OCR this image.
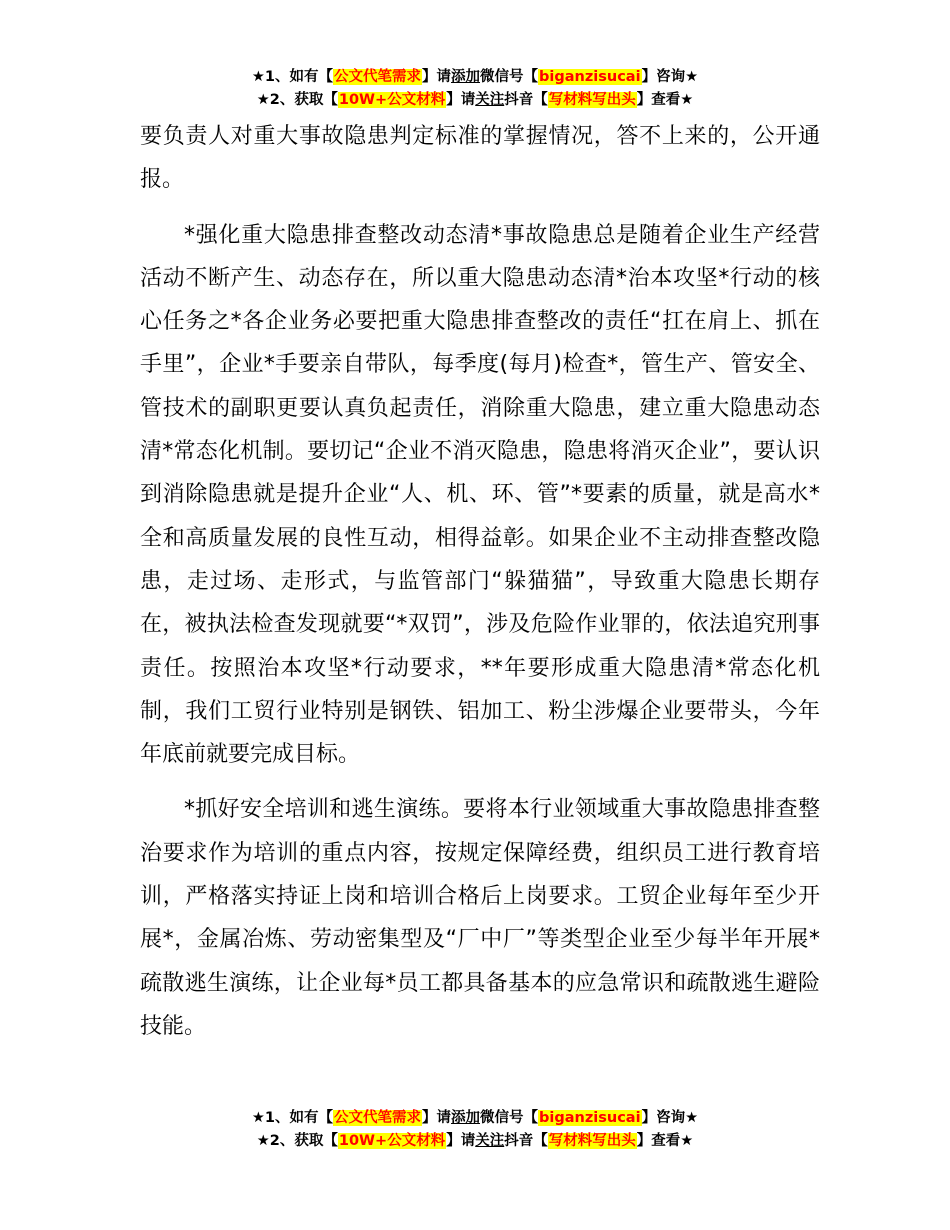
★1、如有【公文代笔需求】请添加微信号【biganzisucai】咨询★
★2、获取【10W+公文材料】请关注抖音【写材料写出头】查看★

要负责人对重大事故隐患判定标准的掌握情况，答不上来的，公开通报。

*强化重大隐患排查整改动态清*事故隐患总是随着企业生产经营活动不断产生、动态存在，所以重大隐患动态清*治本攻坚*行动的核心任务之*各企业务必要把重大隐患排查整改的责任“扛在肩上、抓在手里”，企业*手要亲自带队，每季度(每月)检查*，管生产、管安全、管技术的副职更要认真负起责任，消除重大隐患，建立重大隐患动态清*常态化机制。要切记“企业不消灭隐患，隐患将消灭企业”，要认识到消除隐患就是提升企业“人、机、环、管”*要素的质量，就是高水*全和高质量发展的良性互动，相得益彰。如果企业不主动排查整改隐患，走过场、走形式，与监管部门“躲猫猫”，导致重大隐患长期存在，被执法检查发现就要“*双罚”，涉及危险作业罪的，依法追究刑事责任。按照治本攻坚*行动要求，**年要形成重大隐患清*常态化机制，我们工贸行业特别是钢铁、铝加工、粉尘涉爆企业要带头，今年年底前就要完成目标。

*抓好安全培训和逃生演练。要将本行业领域重大事故隐患排查整治要求作为培训的重点内容，按规定保障经费，组织员工进行教育培训，严格落实持证上岗和培训合格后上岗要求。工贸企业每年至少开展*，金属冶炼、劳动密集型及“厂中厂”等类型企业至少每半年开展*疏散逃生演练，让企业每*员工都具备基本的应急常识和疏散逃生避险技能。

★1、如有【公文代笔需求】请添加微信号【biganzisucai】咨询★
★2、获取【10W+公文材料】请关注抖音【写材料写出头】查看★
